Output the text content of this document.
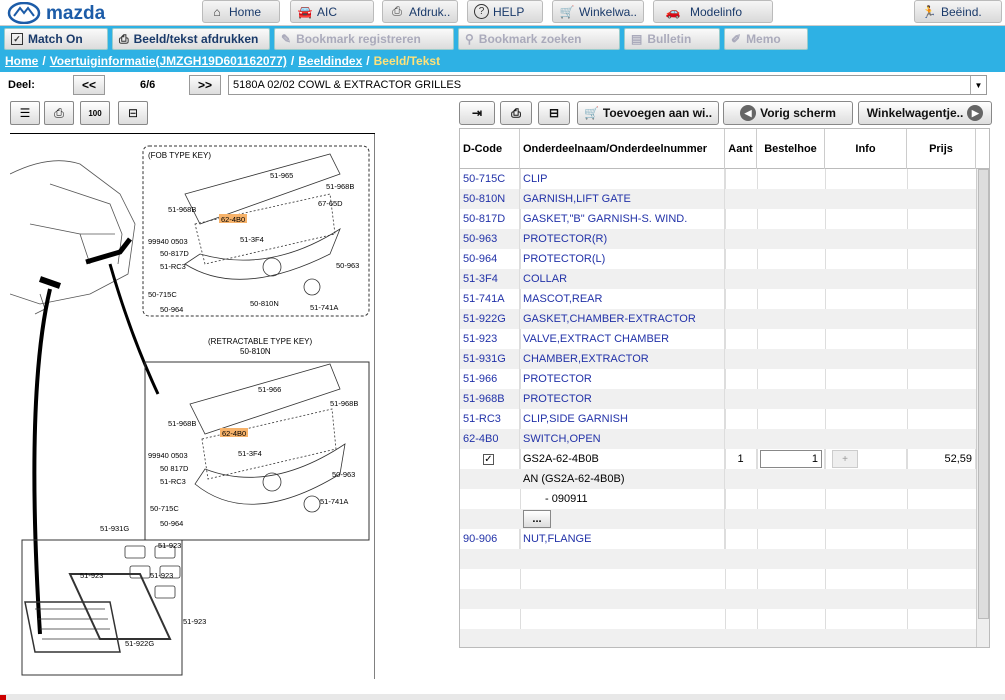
mazda	⌂ Home	🚘 AIC	⎙ Afdruk..	? HELP	🛒 Winkelwa..	🚗 Modelinfo	🏃 Beëind.
✓ Match On	⎙ Beeld/tekst afdrukken ✎ Bookmark registreren	⚲ Bookmark zoeken	▤ Bulletin	✐ Memo
Home / Voertuiginformatie(JMZGH19D601162077) / Beeldindex / Beeld/Tekst
Deel:	<<	6/6	>>	5180A 02/02 COWL & EXTRACTOR GRILLES	▼
☰ ⎙	100 ⊟
(FOB TYPE KEY)
51-965
51-968B
67-65D
51-968B
62-4B0
51-3F4
99940 0503
50-817D
51-RC3	50-963
50-715C
50-810N	51-741A
50-964
(RETRACTABLE TYPE KEY)
50-810N
51-966
51-968B
51-968B
62-4B0
51-3F4
99940 0503
50 817D
51-RC3
50-963
50-715C
51-741A
50-964
51-931G
51-923
51-923	51-923
51-923
51-922G
⇥ ⎙ ⊟ 🛒 Toevoegen aan wi..	◀ Vorig scherm	Winkelwagentje.. ▶
D-Code	Onderdeelnaam/Onderdeelnummer	Aant	Bestelhoe	Info	Prijs
50-715C	CLIP
50-810N	GARNISH,LIFT GATE
50-817D	GASKET,"B" GARNISH-S. WIND.
50-963	PROTECTOR(R)
50-964	PROTECTOR(L)
51-3F4	COLLAR
51-741A	MASCOT,REAR
51-922G	GASKET,CHAMBER-EXTRACTOR
51-923	VALVE,EXTRACT CHAMBER
51-931G	CHAMBER,EXTRACTOR
51-966	PROTECTOR
51-968B	PROTECTOR
51-RC3	CLIP,SIDE GARNISH
62-4B0	SWITCH,OPEN
✓	GS2A-62-4B0B	1
1	+	52,59
AN (GS2A-62-4B0B)
- 090911
...
90-906	NUT,FLANGE
